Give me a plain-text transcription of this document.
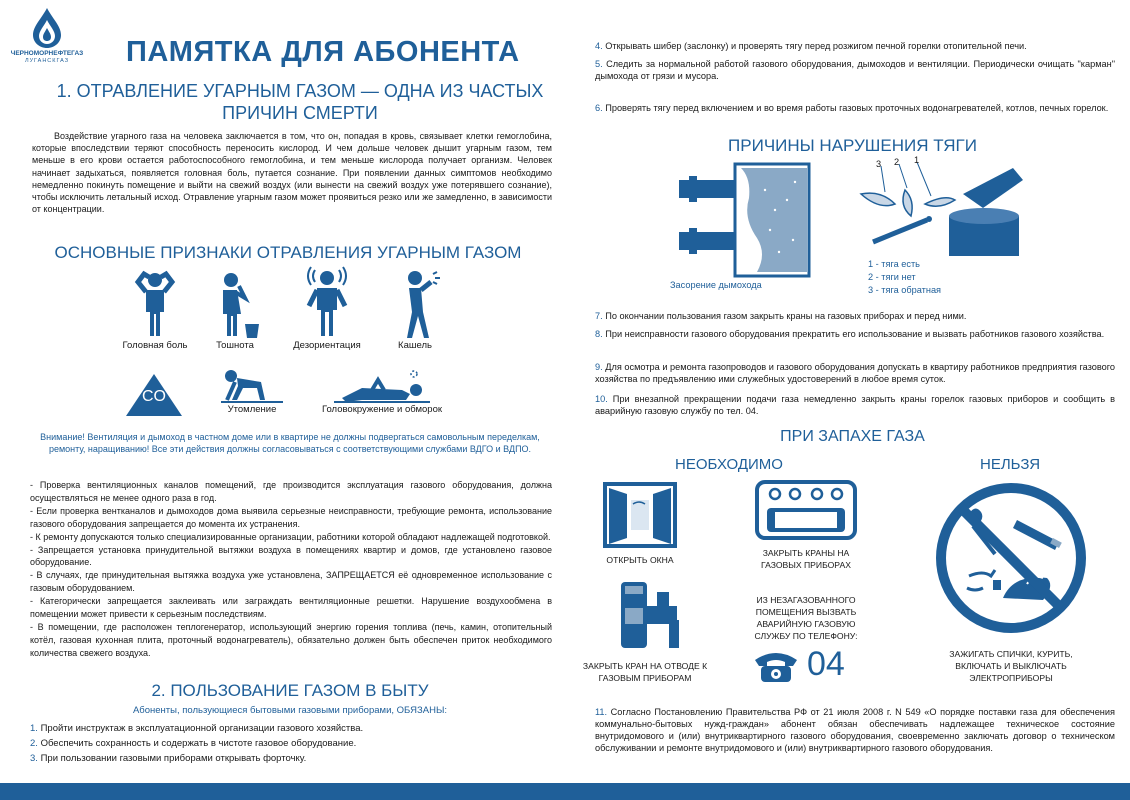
ЧЕРНОМОРНЕФТЕГАЗ
ЛУГАНСКГАЗ	ПАМЯТКА ДЛЯ АБОНЕНТА
1. ОТРАВЛЕНИЕ УГАРНЫМ ГАЗОМ — ОДНА ИЗ ЧАСТЫХ ПРИЧИН СМЕРТИ

Воздействие угарного газа на человека заключается в том, что он, попадая в кровь, связывает клетки гемоглобина, которые впоследствии теряют способность переносить кислород. И чем дольше человек дышит угарным газом, тем меньше в его крови остается работоспособного гемоглобина, и тем меньше кислорода получает организм. Человек начинает задыхаться, появляется головная боль, путается сознание. При появлении данных симптомов необходимо немедленно покинуть помещение и выйти на свежий воздух (или вынести на свежий воздух уже потерявшего сознание), чтобы исключить летальный исход. Отравление угарным газом может проявиться резко или же замедленно, в зависимости от концентрации.

ОСНОВНЫЕ ПРИЗНАКИ ОТРАВЛЕНИЯ УГАРНЫМ ГАЗОМ
Головная боль	Тошнота	Дезориентация	Кашель
CO
Утомление	Головокружение и обморок

Внимание! Вентиляция и дымоход в частном доме или в квартире не должны подвергаться самовольным переделкам, ремонту, наращиванию! Все эти действия должны согласовываться с соответствующими службами ВДГО и ВДПО.

- Проверка вентиляционных каналов помещений, где производится эксплуатация газового оборудования, должна осуществляться не менее одного раза в год.

- Если проверка вентканалов и дымоходов дома выявила серьезные неисправности, требующие ремонта, использование газового оборудования запрещается до момента их устранения.

- К ремонту допускаются только специализированные организации, работники которой обладают надлежащей подготовкой.

- Запрещается установка принудительной вытяжки воздуха в помещениях квартир и домов, где установлено газовое оборудование.

- В случаях, где принудительная вытяжка воздуха уже установлена, ЗАПРЕЩАЕТСЯ её одновременное использование с газовым оборудованием.

- Категорически запрещается заклеивать или заграждать вентиляционные решетки. Нарушение воздухообмена в помещении может привести к серьезным последствиям.

- В помещении, где расположен теплогенератор, использующий энергию горения топлива (печь, камин, отопительный котёл, газовая кухонная плита, проточный водонагреватель), обязательно должен быть обеспечен приток необходимого количества свежего воздуха.

2. ПОЛЬЗОВАНИЕ ГАЗОМ В БЫТУ
Абоненты, пользующиеся бытовыми газовыми приборами, ОБЯЗАНЫ:
1. Пройти инструктаж в эксплуатационной организации газового хозяйства.
2. Обеспечить сохранность и содержать в чистоте газовое оборудование.
3. При пользовании газовыми приборами открывать форточку.

4. Открывать шибер (заслонку) и проверять тягу перед розжигом печной горелки отопительной печи.

5. Следить за нормальной работой газового оборудования, дымоходов и вентиляции. Периодически очищать "карман" дымохода от грязи и мусора.

6. Проверять тягу перед включением и во время работы газовых проточных водонагревателей, котлов, печных горелок.

ПРИЧИНЫ НАРУШЕНИЯ ТЯГИ
Засорение дымохода
3 2 1
1 - тяга есть
2 - тяги нет
3 - тяга обратная

7. По окончании пользования газом закрыть краны на газовых приборах и перед ними.

8. При неисправности газового оборудования прекратить его использование и вызвать работников газового хозяйства.

9. Для осмотра и ремонта газопроводов и газового оборудования допускать в квартиру работников предприятия газового хозяйства по предъявлению ими служебных удостоверений в любое время суток.

10. При внезапной прекращении подачи газа немедленно закрыть краны горелок газовых приборов и сообщить в аварийную газовую службу по тел. 04.

ПРИ ЗАПАХЕ ГАЗА
НЕОБХОДИМО	НЕЛЬЗЯ
ОТКРЫТЬ ОКНА
ЗАКРЫТЬ КРАНЫ НА ГАЗОВЫХ ПРИБОРАХ
ЗАКРЫТЬ КРАН НА ОТВОДЕ К ГАЗОВЫМ ПРИБОРАМ
ИЗ НЕЗАГАЗОВАННОГО ПОМЕЩЕНИЯ ВЫЗВАТЬ АВАРИЙНУЮ ГАЗОВУЮ СЛУЖБУ ПО ТЕЛЕФОНУ:
04	ЗАЖИГАТЬ СПИЧКИ, КУРИТЬ, ВКЛЮЧАТЬ И ВЫКЛЮЧАТЬ ЭЛЕКТРОПРИБОРЫ

11. Согласно Постановлению Правительства РФ от 21 июля 2008 г. N 549 «О порядке поставки газа для обеспечения коммунально-бытовых нужд-граждан» абонент обязан обеспечивать надлежащее техническое состояние внутридомового и (или) внутриквартирного газового оборудования, своевременно заключать договор о техническом обслуживании и ремонте внутридомового и (или) внутриквартирного газового оборудования.
